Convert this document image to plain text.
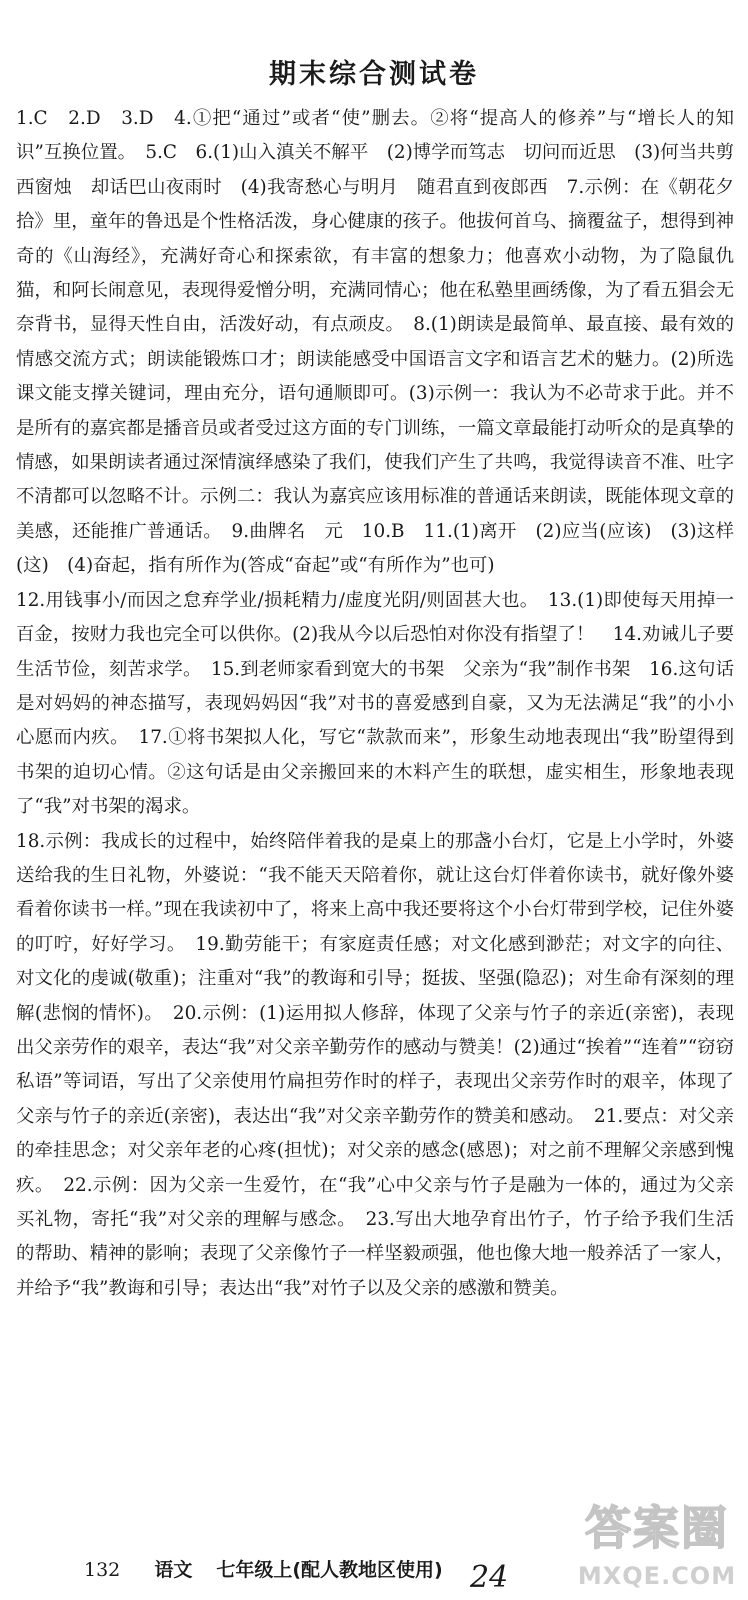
期末综合测试卷

1.C　2.D　3.D　4.①把“通过”或者“使”删去。②将“提高人的修养”与“增长人的知识”互换位置。　5.C　6.(1)山入滇关不解平　(2)博学而笃志　切问而近思　(3)何当共剪西窗烛　却话巴山夜雨时　(4)我寄愁心与明月　随君直到夜郎西　7.示例：在《朝花夕拾》里，童年的鲁迅是个性格活泼，身心健康的孩子。他拔何首乌、摘覆盆子，想得到神奇的《山海经》，充满好奇心和探索欲，有丰富的想象力；他喜欢小动物，为了隐鼠仇猫，和阿长闹意见，表现得爱憎分明，充满同情心；他在私塾里画绣像，为了看五猖会无奈背书，显得天性自由，活泼好动，有点顽皮。　8.(1)朗读是最简单、最直接、最有效的情感交流方式；朗读能锻炼口才；朗读能感受中国语言文字和语言艺术的魅力。(2)所选课文能支撑关键词，理由充分，语句通顺即可。(3)示例一：我认为不必苛求于此。并不是所有的嘉宾都是播音员或者受过这方面的专门训练，一篇文章最能打动听众的是真挚的情感，如果朗读者通过深情演绎感染了我们，使我们产生了共鸣，我觉得读音不准、吐字不清都可以忽略不计。示例二：我认为嘉宾应该用标准的普通话来朗读，既能体现文章的美感，还能推广普通话。　9.曲牌名　元　10.B　11.(1)离开　(2)应当(应该)　(3)这样(这)　(4)奋起，指有所作为(答成“奋起”或“有所作为”也可)

12.用钱事小/而因之怠弃学业/损耗精力/虚度光阴/则固甚大也。　13.(1)即使每天用掉一百金，按财力我也完全可以供你。(2)我从今以后恐怕对你没有指望了！　14.劝诫儿子要生活节俭，刻苦求学。　15.到老师家看到宽大的书架　父亲为“我”制作书架　16.这句话是对妈妈的神态描写，表现妈妈因“我”对书的喜爱感到自豪，又为无法满足“我”的小小心愿而内疚。　17.①将书架拟人化，写它“款款而来”，形象生动地表现出“我”盼望得到书架的迫切心情。②这句话是由父亲搬回来的木料产生的联想，虚实相生，形象地表现了“我”对书架的渴求。

18.示例：我成长的过程中，始终陪伴着我的是桌上的那盏小台灯，它是上小学时，外婆送给我的生日礼物，外婆说：“我不能天天陪着你，就让这台灯伴着你读书，就好像外婆看着你读书一样。”现在我读初中了，将来上高中我还要将这个小台灯带到学校，记住外婆的叮咛，好好学习。　19.勤劳能干；有家庭责任感；对文化感到渺茫；对文字的向往、对文化的虔诚(敬重)；注重对“我”的教诲和引导；挺拔、坚强(隐忍)；对生命有深刻的理解(悲悯的情怀)。　20.示例：(1)运用拟人修辞，体现了父亲与竹子的亲近(亲密)，表现出父亲劳作的艰辛，表达“我”对父亲辛勤劳作的感动与赞美！(2)通过“挨着”“连着”“窃窃私语”等词语，写出了父亲使用竹扁担劳作时的样子，表现出父亲劳作时的艰辛，体现了父亲与竹子的亲近(亲密)，表达出“我”对父亲辛勤劳作的赞美和感动。　21.要点：对父亲的牵挂思念；对父亲年老的心疼(担忧)；对父亲的感念(感恩)；对之前不理解父亲感到愧疚。　22.示例：因为父亲一生爱竹，在“我”心中父亲与竹子是融为一体的，通过为父亲买礼物，寄托“我”对父亲的理解与感念。　23.写出大地孕育出竹子，竹子给予我们生活的帮助、精神的影响；表现了父亲像竹子一样坚毅顽强，他也像大地一般养活了一家人，并给予“我”教诲和引导；表达出“我”对竹子以及父亲的感激和赞美。

132 语文 七年级上(配人教地区使用) 24
答案圈
MXQE.COM
